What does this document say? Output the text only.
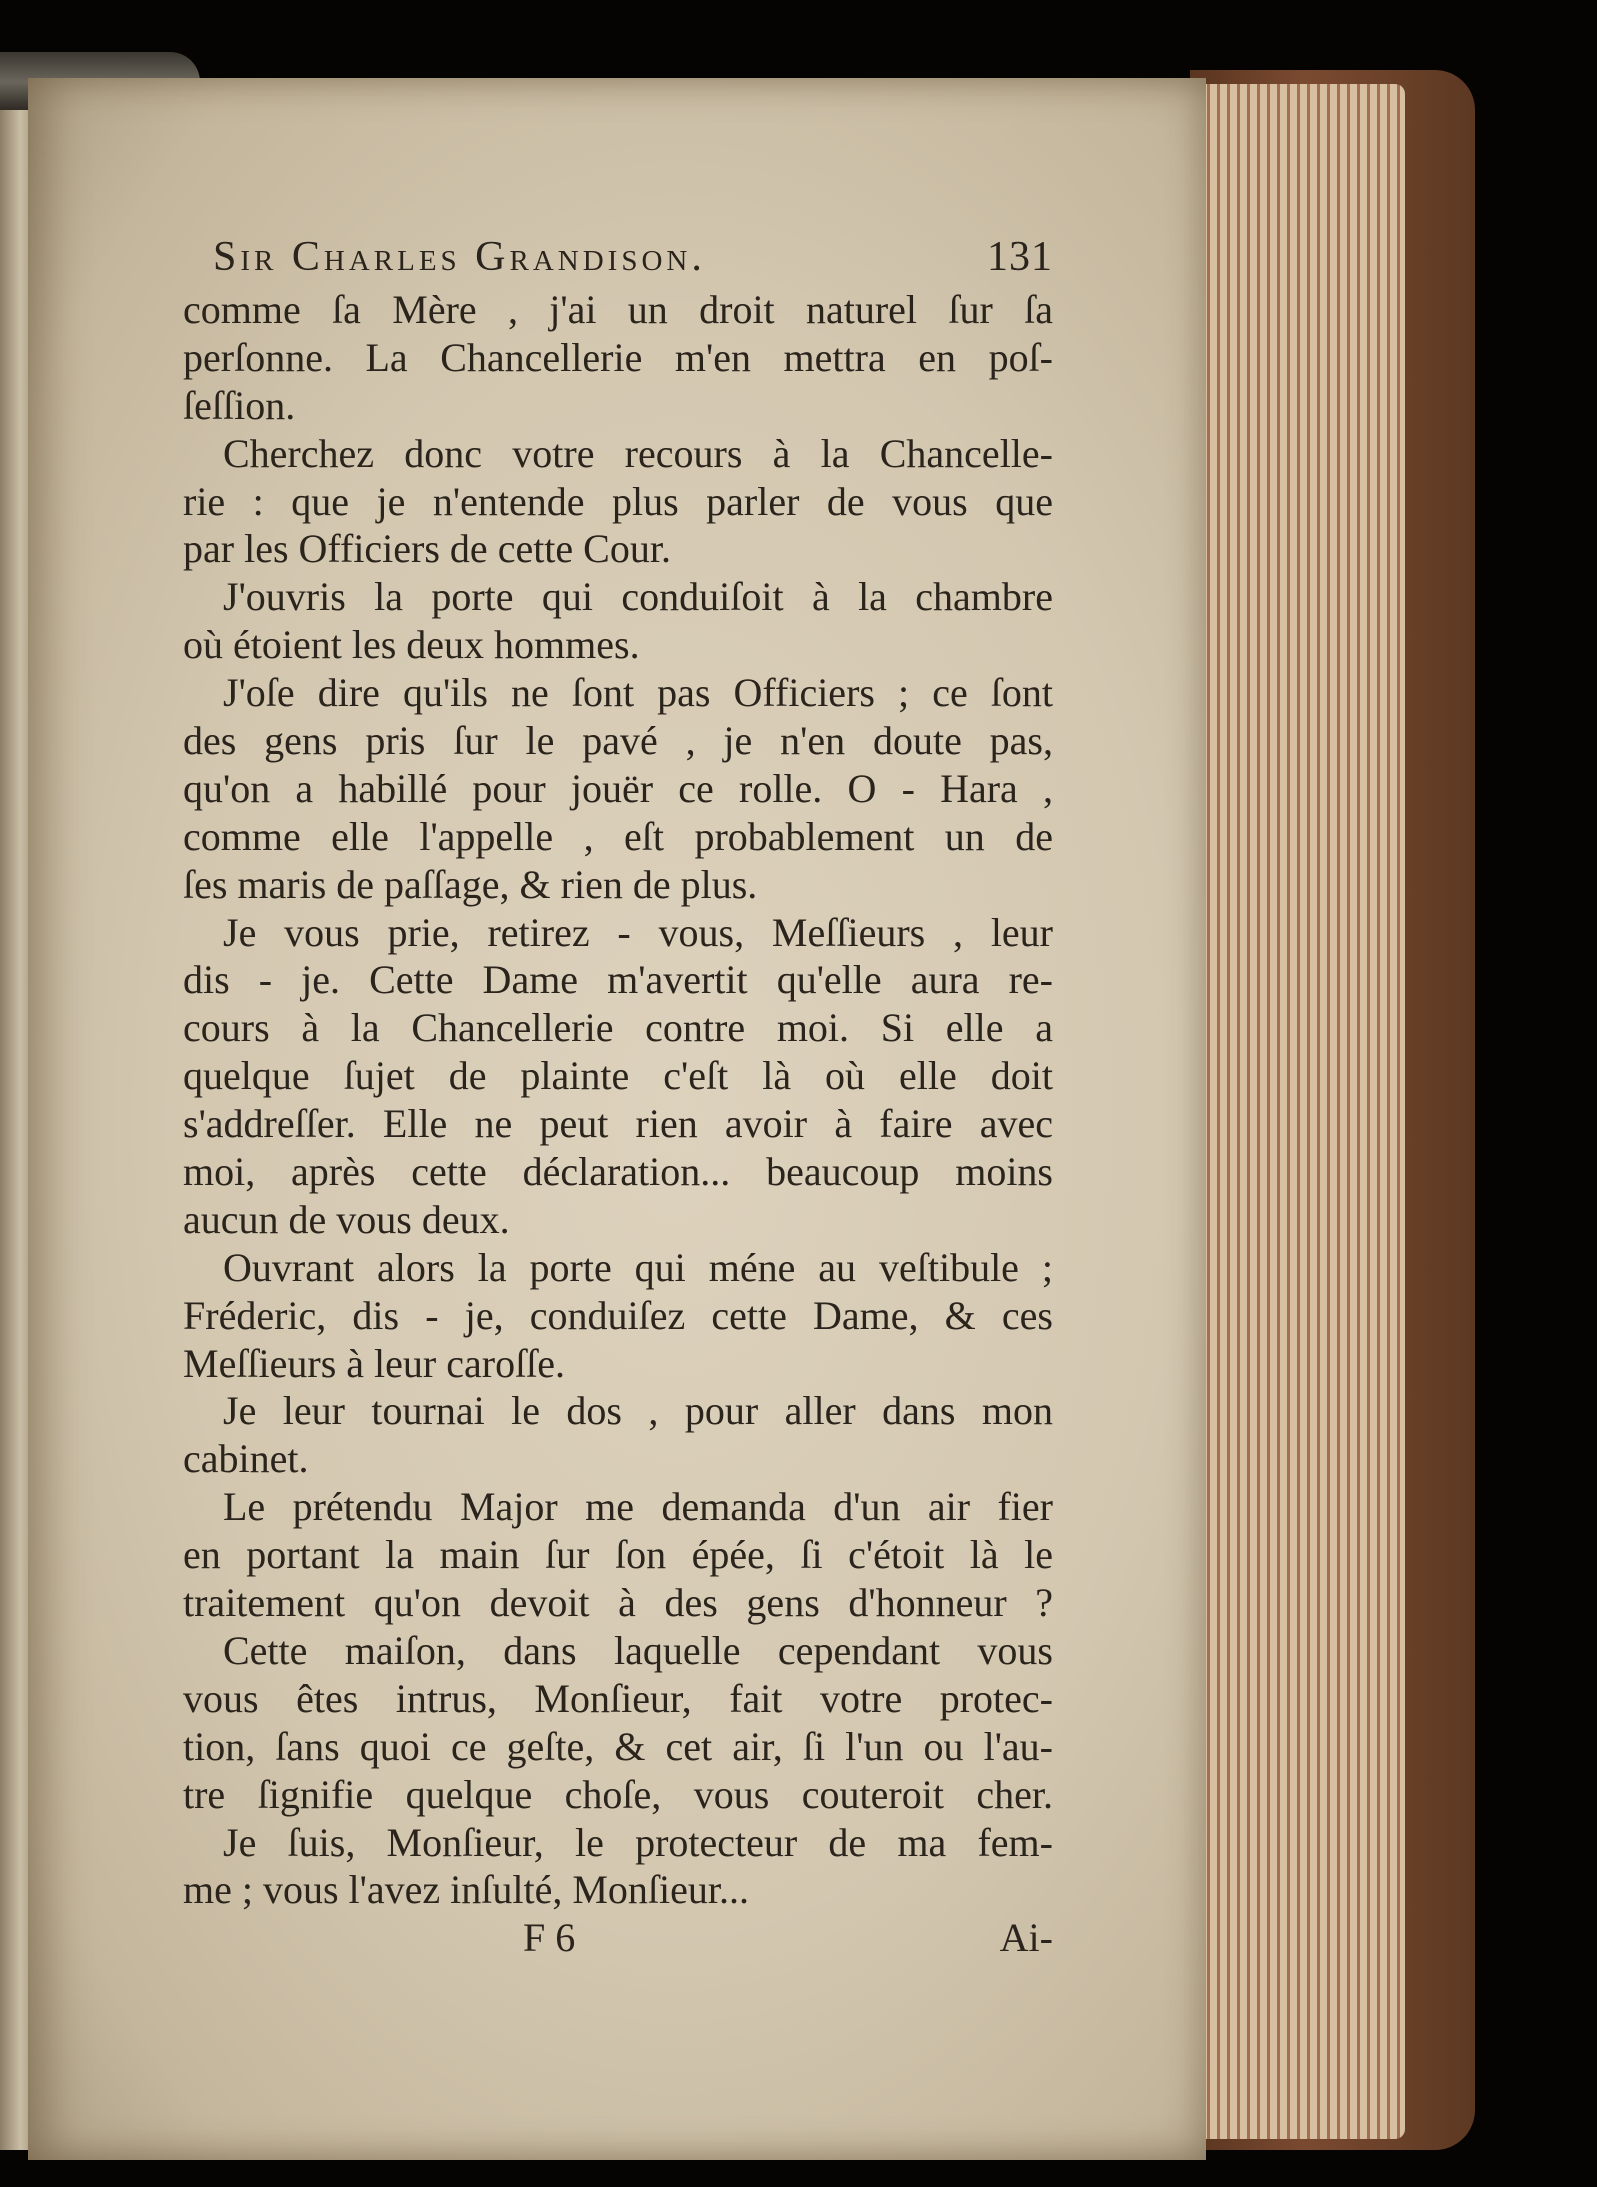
Sir Charles Grandison.	131
comme ſa Mère , j'ai un droit naturel ſur ſa
perſonne. La Chancellerie m'en mettra en poſ-
ſeſſion.
Cherchez donc votre recours à la Chancelle-
rie : que je n'entende plus parler de vous que
par les Officiers de cette Cour.
J'ouvris la porte qui conduiſoit à la chambre
où étoient les deux hommes.
J'oſe dire qu'ils ne ſont pas Officiers ; ce ſont
des gens pris ſur le pavé , je n'en doute pas,
qu'on a habillé pour jouër ce rolle. O - Hara ,
comme elle l'appelle , eſt probablement un de
ſes maris de paſſage, & rien de plus.
Je vous prie, retirez - vous, Meſſieurs , leur
dis - je. Cette Dame m'avertit qu'elle aura re-
cours à la Chancellerie contre moi. Si elle a
quelque ſujet de plainte c'eſt là où elle doit
s'addreſſer. Elle ne peut rien avoir à faire avec
moi, après cette déclaration... beaucoup moins
aucun de vous deux.
Ouvrant alors la porte qui méne au veſtibule ;
Fréderic, dis - je, conduiſez cette Dame, & ces
Meſſieurs à leur caroſſe.
Je leur tournai le dos , pour aller dans mon
cabinet.
Le prétendu Major me demanda d'un air fier
en portant la main ſur ſon épée, ſi c'étoit là le
traitement qu'on devoit à des gens d'honneur ?
Cette maiſon, dans laquelle cependant vous
vous êtes intrus, Monſieur, fait votre protec-
tion, ſans quoi ce geſte, & cet air, ſi l'un ou l'au-
tre ſignifie quelque choſe, vous couteroit cher.
Je ſuis, Monſieur, le protecteur de ma fem-
me ; vous l'avez inſulté, Monſieur...
F 6	Ai-
